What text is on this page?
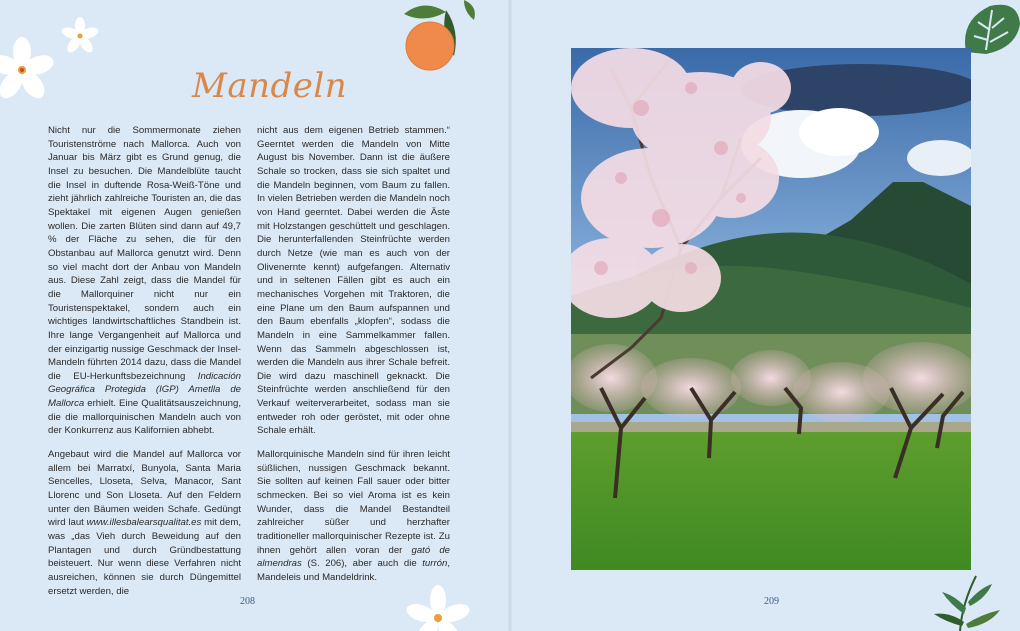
Mandeln

Nicht nur die Sommermonate ziehen Touristenströme nach Mallorca. Auch von Januar bis März gibt es Grund genug, die Insel zu besuchen. Die Mandelblüte taucht die Insel in duftende Rosa-Weiß-Töne und zieht jährlich zahlreiche Touristen an, die das Spektakel mit eigenen Augen genießen wollen. Die zarten Blüten sind dann auf 49,7 % der Fläche zu sehen, die für den Obstanbau auf Mallorca genutzt wird. Denn so viel macht dort der Anbau von Mandeln aus. Diese Zahl zeigt, dass die Mandel für die Mallorquiner nicht nur ein Touristenspektakel, sondern auch ein wichtiges landwirtschaftliches Standbein ist. Ihre lange Vergangenheit auf Mallorca und der einzigartig nussige Geschmack der Insel-Mandeln führten 2014 dazu, dass die Mandel die EU-Herkunftsbezeichnung Indicación Geográfica Protegida (IGP) Ametlla de Mallorca erhielt. Eine Qualitätsauszeichnung, die die mallorquinischen Mandeln auch von der Konkurrenz aus Kalifornien abhebt.

Angebaut wird die Mandel auf Mallorca vor allem bei Marratxí, Bunyola, Santa Maria Sencelles, Lloseta, Selva, Manacor, Sant Llorenc und Son Lloseta. Auf den Feldern unter den Bäumen weiden Schafe. Gedüngt wird laut www.illesbalearsqualitat.es mit dem, was „das Vieh durch Beweidung auf den Plantagen und durch Gründbestattung beisteuert. Nur wenn diese Verfahren nicht ausreichen, können sie durch Düngemittel ersetzt werden, die

nicht aus dem eigenen Betrieb stammen.“ Geerntet werden die Mandeln von Mitte August bis November. Dann ist die äußere Schale so trocken, dass sie sich spaltet und die Mandeln beginnen, vom Baum zu fallen. In vielen Betrieben werden die Mandeln noch von Hand geerntet. Dabei werden die Äste mit Holzstangen geschüttelt und geschlagen. Die herunterfallenden Steinfrüchte werden durch Netze (wie man es auch von der Olivenernte kennt) aufgefangen. Alternativ und in seltenen Fällen gibt es auch ein mechanisches Vorgehen mit Traktoren, die eine Plane um den Baum aufspannen und den Baum ebenfalls „klopfen“, sodass die Mandeln in eine Sammelkammer fallen. Wenn das Sammeln abgeschlossen ist, werden die Mandeln aus ihrer Schale befreit. Die wird dazu maschinell geknackt. Die Steinfrüchte werden anschließend für den Verkauf weiterverarbeitet, sodass man sie entweder roh oder geröstet, mit oder ohne Schale erhält.

Mallorquinische Mandeln sind für ihren leicht süßlichen, nussigen Geschmack bekannt. Sie sollten auf keinen Fall sauer oder bitter schmecken. Bei so viel Aroma ist es kein Wunder, dass die Mandel Bestandteil zahlreicher süßer und herzhafter traditioneller mallorquinischer Rezepte ist. Zu ihnen gehört allen voran der gató de almendras (S. 206), aber auch die turrón, Mandeleis und Mandeldrink.

208	209
